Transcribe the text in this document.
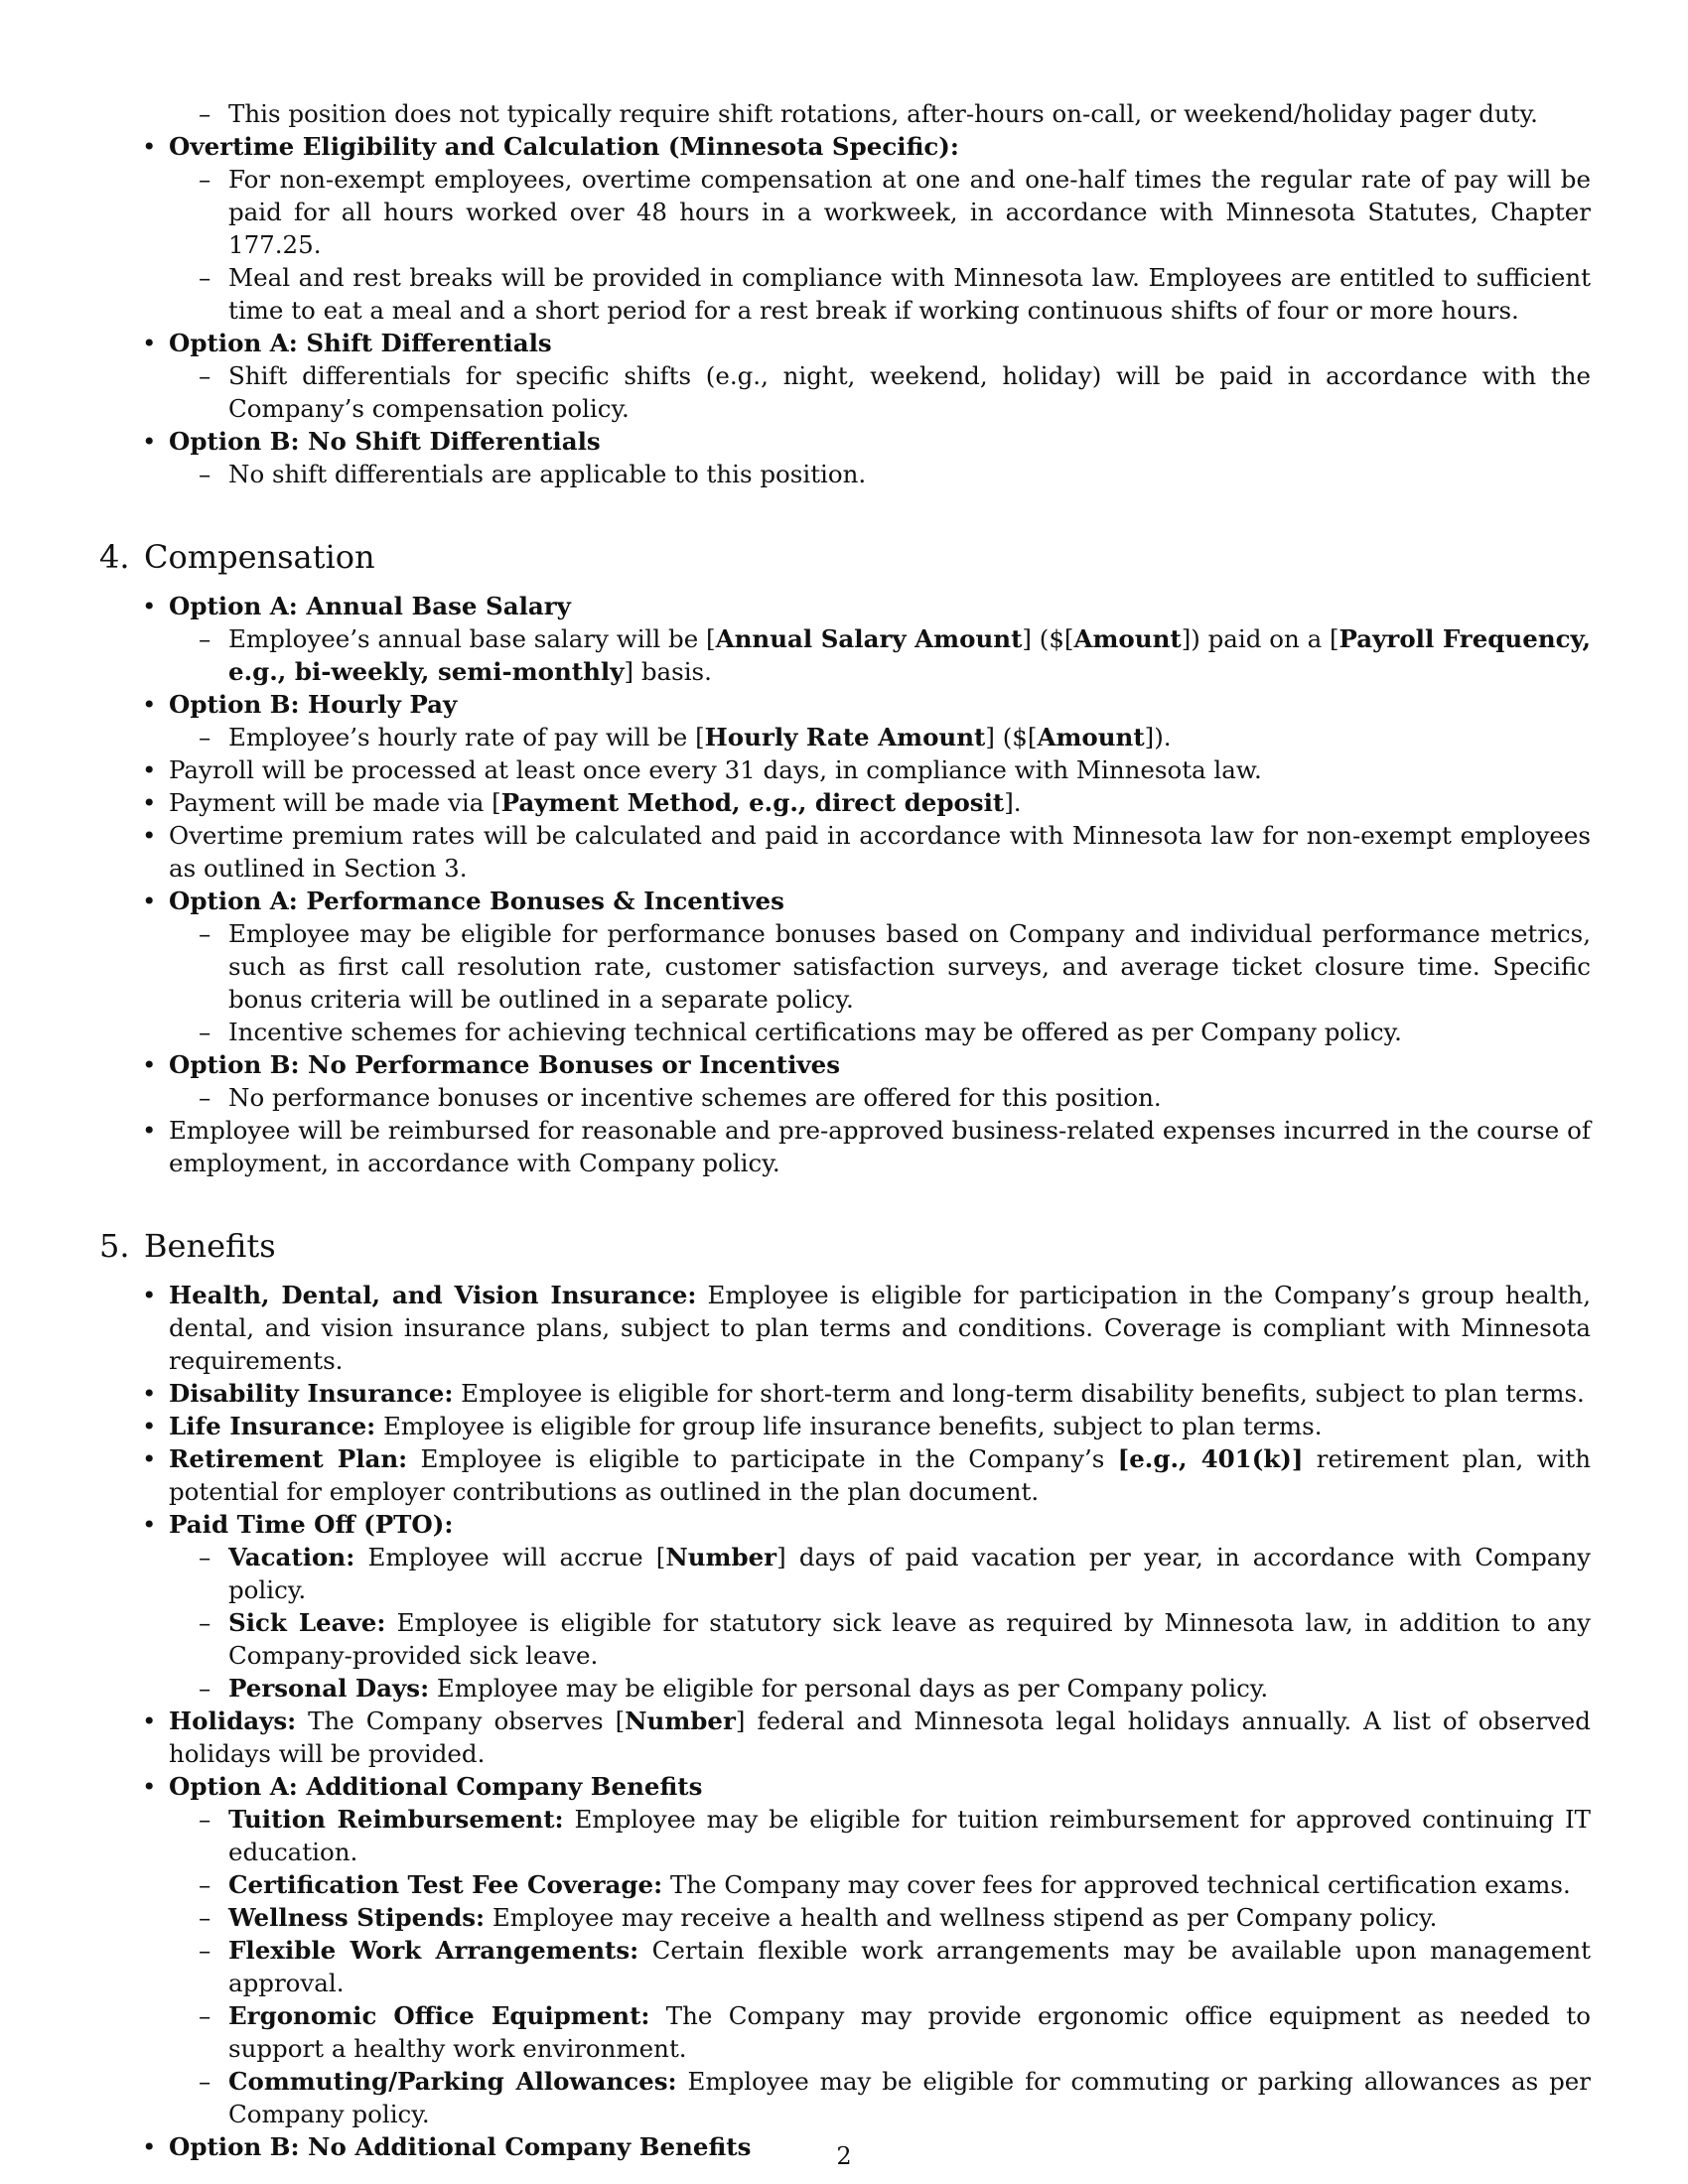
– This position does not typically require shift rotations, after-hours on-call, or weekend/holiday pager duty.
• Overtime Eligibility and Calculation (Minnesota Specific):
– For non-exempt employees, overtime compensation at one and one-half times the regular rate of pay will be paid for all hours worked over 48 hours in a workweek, in accordance with Minnesota Statutes, Chapter 177.25.
– Meal and rest breaks will be provided in compliance with Minnesota law. Employees are entitled to sufficient time to eat a meal and a short period for a rest break if working continuous shifts of four or more hours.
• Option A: Shift Differentials
– Shift differentials for specific shifts (e.g., night, weekend, holiday) will be paid in accordance with the Company’s compensation policy.
• Option B: No Shift Differentials
– No shift differentials are applicable to this position.
4. Compensation
• Option A: Annual Base Salary
– Employee’s annual base salary will be [Annual Salary Amount] ($[Amount]) paid on a [Payroll Frequency, e.g., bi-weekly, semi-monthly] basis.
• Option B: Hourly Pay
– Employee’s hourly rate of pay will be [Hourly Rate Amount] ($[Amount]).
• Payroll will be processed at least once every 31 days, in compliance with Minnesota law.
• Payment will be made via [Payment Method, e.g., direct deposit].
• Overtime premium rates will be calculated and paid in accordance with Minnesota law for non-exempt employees as outlined in Section 3.
• Option A: Performance Bonuses & Incentives
– Employee may be eligible for performance bonuses based on Company and individual performance metrics, such as first call resolution rate, customer satisfaction surveys, and average ticket closure time. Specific bonus criteria will be outlined in a separate policy.
– Incentive schemes for achieving technical certifications may be offered as per Company policy.
• Option B: No Performance Bonuses or Incentives
– No performance bonuses or incentive schemes are offered for this position.
• Employee will be reimbursed for reasonable and pre-approved business-related expenses incurred in the course of employment, in accordance with Company policy.
5. Benefits
• Health, Dental, and Vision Insurance: Employee is eligible for participation in the Company’s group health, dental, and vision insurance plans, subject to plan terms and conditions. Coverage is compliant with Minnesota requirements.
• Disability Insurance: Employee is eligible for short-term and long-term disability benefits, subject to plan terms.
• Life Insurance: Employee is eligible for group life insurance benefits, subject to plan terms.
• Retirement Plan: Employee is eligible to participate in the Company’s [e.g., 401(k)] retirement plan, with potential for employer contributions as outlined in the plan document.
• Paid Time Off (PTO):
– Vacation: Employee will accrue [Number] days of paid vacation per year, in accordance with Company policy.
– Sick Leave: Employee is eligible for statutory sick leave as required by Minnesota law, in addition to any Company-provided sick leave.
– Personal Days: Employee may be eligible for personal days as per Company policy.
• Holidays: The Company observes [Number] federal and Minnesota legal holidays annually. A list of observed holidays will be provided.
• Option A: Additional Company Benefits
– Tuition Reimbursement: Employee may be eligible for tuition reimbursement for approved continuing IT education.
– Certification Test Fee Coverage: The Company may cover fees for approved technical certification exams.
– Wellness Stipends: Employee may receive a health and wellness stipend as per Company policy.
– Flexible Work Arrangements: Certain flexible work arrangements may be available upon management approval.
– Ergonomic Office Equipment: The Company may provide ergonomic office equipment as needed to support a healthy work environment.
– Commuting/Parking Allowances: Employee may be eligible for commuting or parking allowances as per Company policy.
• Option B: No Additional Company Benefits	2
